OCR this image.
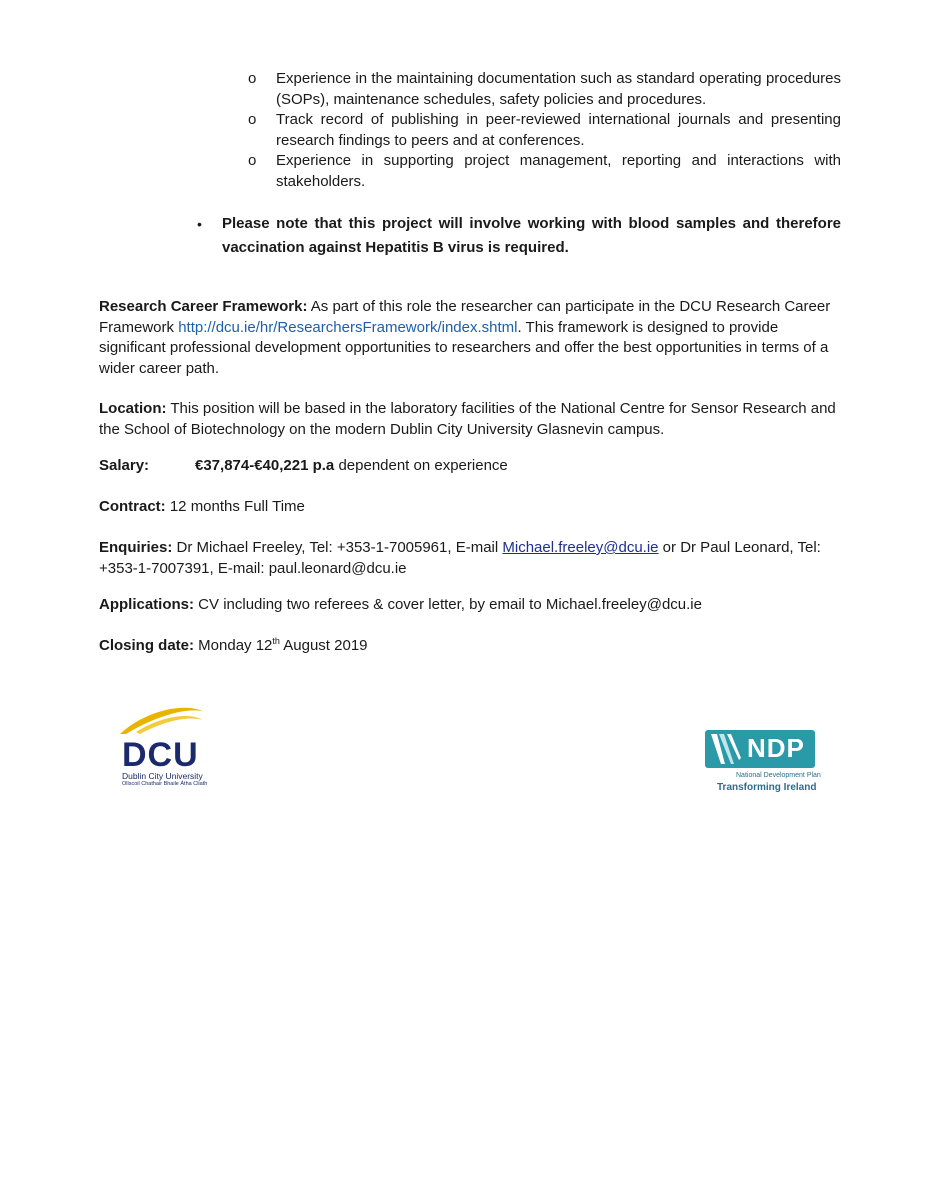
o	Experience in the maintaining documentation such as standard operating procedures (SOPs), maintenance schedules, safety policies and procedures.
o	Track record of publishing in peer-reviewed international journals and presenting research findings to peers and at conferences.
o	Experience in supporting project management, reporting and interactions with stakeholders.
•	Please note that this project will involve working with blood samples and therefore vaccination against Hepatitis B virus is required.
Research Career Framework: As part of this role the researcher can participate in the DCU Research Career Framework http://dcu.ie/hr/ResearchersFramework/index.shtml. This framework is designed to provide significant professional development opportunities to researchers and offer the best opportunities in terms of a wider career path.
Location: This position will be based in the laboratory facilities of the National Centre for Sensor Research and the School of Biotechnology on the modern Dublin City University Glasnevin campus.
Salary:	€37,874-€40,221 p.a dependent on experience
Contract: 12 months Full Time
Enquiries: Dr Michael Freeley, Tel: +353-1-7005961, E-mail Michael.freeley@dcu.ie or Dr Paul Leonard, Tel: +353-1-7007391, E-mail: paul.leonard@dcu.ie
Applications: CV including two referees & cover letter, by email to Michael.freeley@dcu.ie
Closing date: Monday 12th August 2019
DCU
Dublin City University
Ollscoil Chathair Bhaile Átha Cliath
NDP
National Development Plan
Transforming Ireland
